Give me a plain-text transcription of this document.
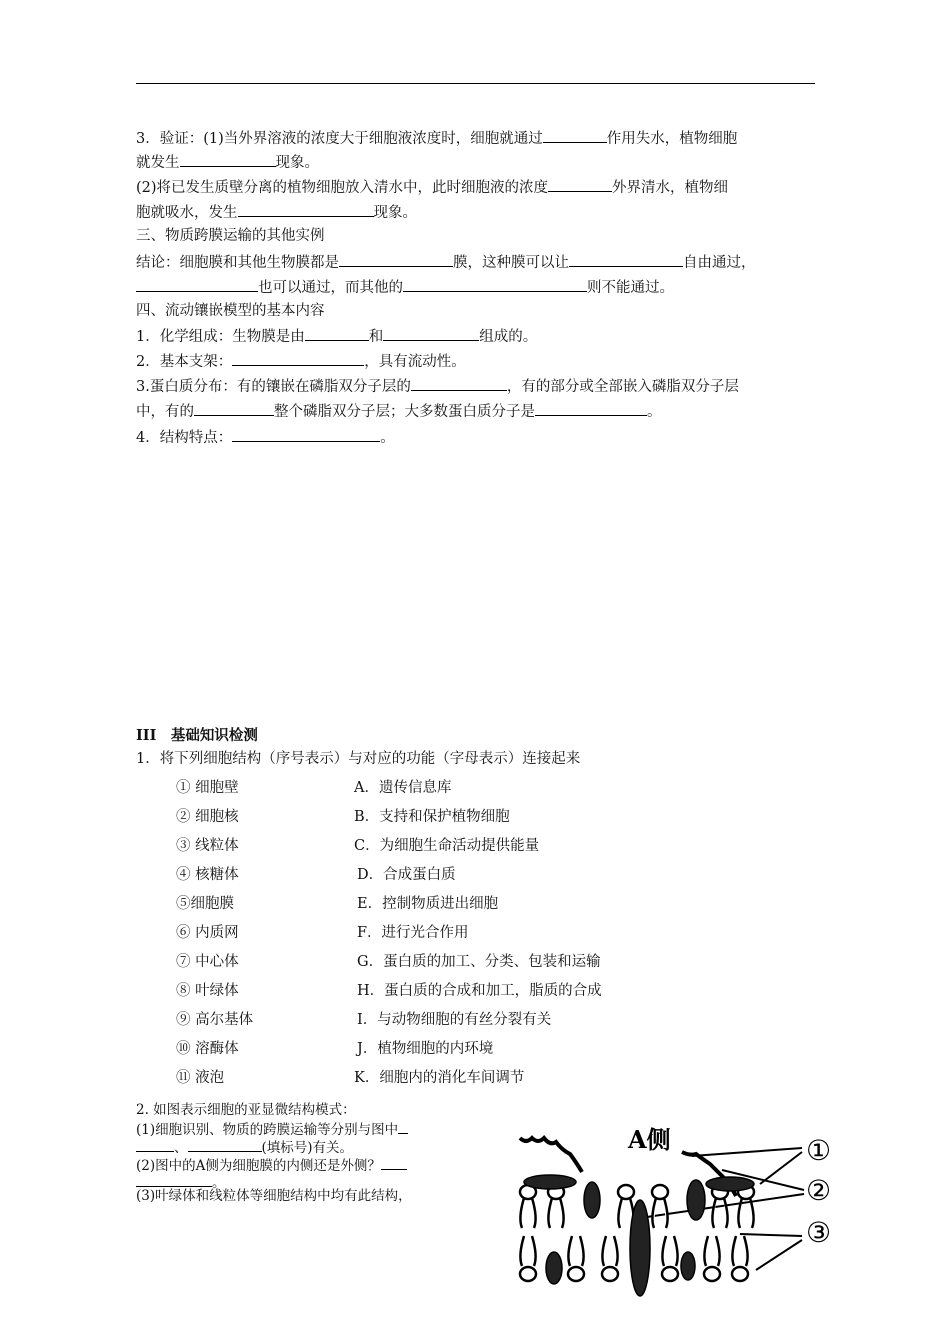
3．验证：(1)当外界溶液的浓度大于细胞液浓度时，细胞就通过	作用失水，植物细胞
就发生	现象。
(2)将已发生质壁分离的植物细胞放入清水中，此时细胞液的浓度	外界清水，植物细
胞就吸水，发生	现象。
三、物质跨膜运输的其他实例
结论：细胞膜和其他生物膜都是	膜，这种膜可以让	自由通过，
也可以通过，而其他的	则不能通过。
四、流动镶嵌模型的基本内容
1．化学组成：生物膜是由	和	组成的。
2．基本支架：	，具有流动性。
3.蛋白质分布：有的镶嵌在磷脂双分子层的	，有的部分或全部嵌入磷脂双分子层
中，有的	整个磷脂双分子层；大多数蛋白质分子是	。
4．结构特点：	。
III　基础知识检测
1．将下列细胞结构（序号表示）与对应的功能（字母表示）连接起来
① 细胞壁	A．遗传信息库
② 细胞核	B．支持和保护植物细胞
③ 线粒体	C．为细胞生命活动提供能量
④ 核糖体	D．合成蛋白质
⑤细胞膜	E．控制物质进出细胞
⑥ 内质网	F．进行光合作用
⑦ 中心体	G．蛋白质的加工、分类、包装和运输
⑧ 叶绿体	H．蛋白质的合成和加工，脂质的合成
⑨ 高尔基体	I．与动物细胞的有丝分裂有关
⑩ 溶酶体	J．植物细胞的内环境
⑪ 液泡	K．细胞内的消化车间调节
2. 如图表示细胞的亚显微结构模式：
(1)细胞识别、物质的跨膜运输等分别与图中
、	(填标号)有关。
(2)图中的A侧为细胞膜的内侧还是外侧？
。
(3)叶绿体和线粒体等细胞结构中均有此结构，
A侧	①
②
③
